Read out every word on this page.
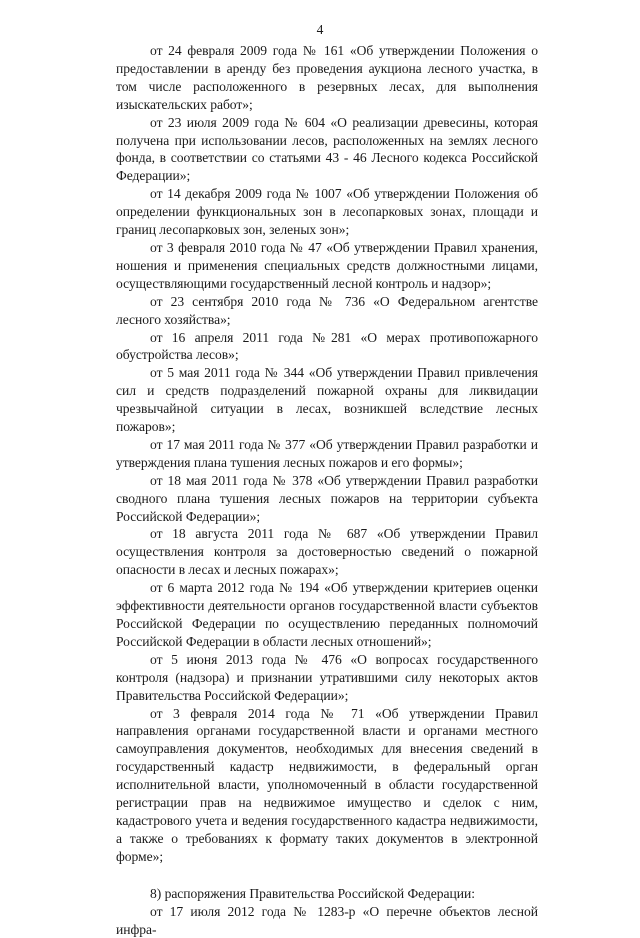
4

от 24 февраля 2009 года № 161 «Об утверждении Положения о предоставлении в аренду без проведения аукциона лесного участка, в том числе расположенного в резервных лесах, для выполнения изыскательских работ»;

от 23 июля 2009 года № 604 «О реализации древесины, которая получена при использовании лесов, расположенных на землях лесного фонда, в соответствии со статьями 43 - 46 Лесного кодекса Российской Федерации»;

от 14 декабря 2009 года № 1007 «Об утверждении Положения об определении функциональных зон в лесопарковых зонах, площади и границ лесопарковых зон, зеленых зон»;

от 3 февраля 2010 года № 47 «Об утверждении Правил хранения, ношения и применения специальных средств должностными лицами, осуществляющими государственный лесной контроль и надзор»;

от 23 сентября 2010 года № 736 «О Федеральном агентстве лесного хозяйства»;

от 16 апреля 2011 года №281 «О мерах противопожарного обустройства лесов»;

от 5 мая 2011 года № 344 «Об утверждении Правил привлечения сил и средств подразделений пожарной охраны для ликвидации чрезвычайной ситуации в лесах, возникшей вследствие лесных пожаров»;

от 17 мая 2011 года № 377 «Об утверждении Правил разработки и утверждения плана тушения лесных пожаров и его формы»;

от 18 мая 2011 года № 378 «Об утверждении Правил разработки сводного плана тушения лесных пожаров на территории субъекта Российской Федерации»;

от 18 августа 2011 года № 687 «Об утверждении Правил осуществления контроля за достоверностью сведений о пожарной опасности в лесах и лесных пожарах»;

от 6 марта 2012 года № 194 «Об утверждении критериев оценки эффективности деятельности органов государственной власти субъектов Российской Федерации по осуществлению переданных полномочий Российской Федерации в области лесных отношений»;

от 5 июня 2013 года № 476 «О вопросах государственного контроля (надзора) и признании утратившими силу некоторых актов Правительства Российской Федерации»;

от 3 февраля 2014 года № 71 «Об утверждении Правил направления органами государственной власти и органами местного самоуправления документов, необходимых для внесения сведений в государственный кадастр недвижимости, в федеральный орган исполнительной власти, уполномоченный в области государственной регистрации прав на недвижимое имущество и сделок с ним, кадастрового учета и ведения государственного кадастра недвижимости, а также о требованиях к формату таких документов в электронной форме»;

8) распоряжения Правительства Российской Федерации:

от 17 июля 2012 года № 1283-р «О перечне объектов лесной инфра-
